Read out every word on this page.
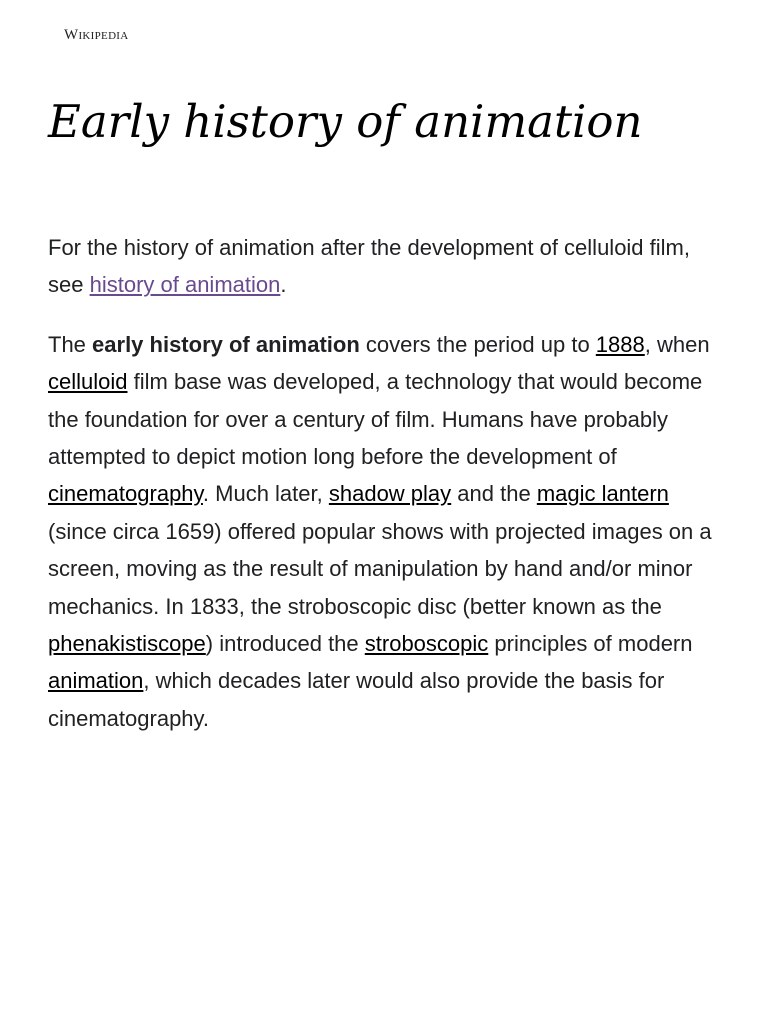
Wikipedia
Early history of animation

For the history of animation after the development of celluloid film, see history of animation.

The early history of animation covers the period up to 1888, when celluloid film base was developed, a technology that would become the foundation for over a century of film. Humans have probably attempted to depict motion long before the development of cinematography. Much later, shadow play and the magic lantern (since circa 1659) offered popular shows with projected images on a screen, moving as the result of manipulation by hand and/or minor mechanics. In 1833, the stroboscopic disc (better known as the phenakistiscope) introduced the stroboscopic principles of modern animation, which decades later would also provide the basis for cinematography.
